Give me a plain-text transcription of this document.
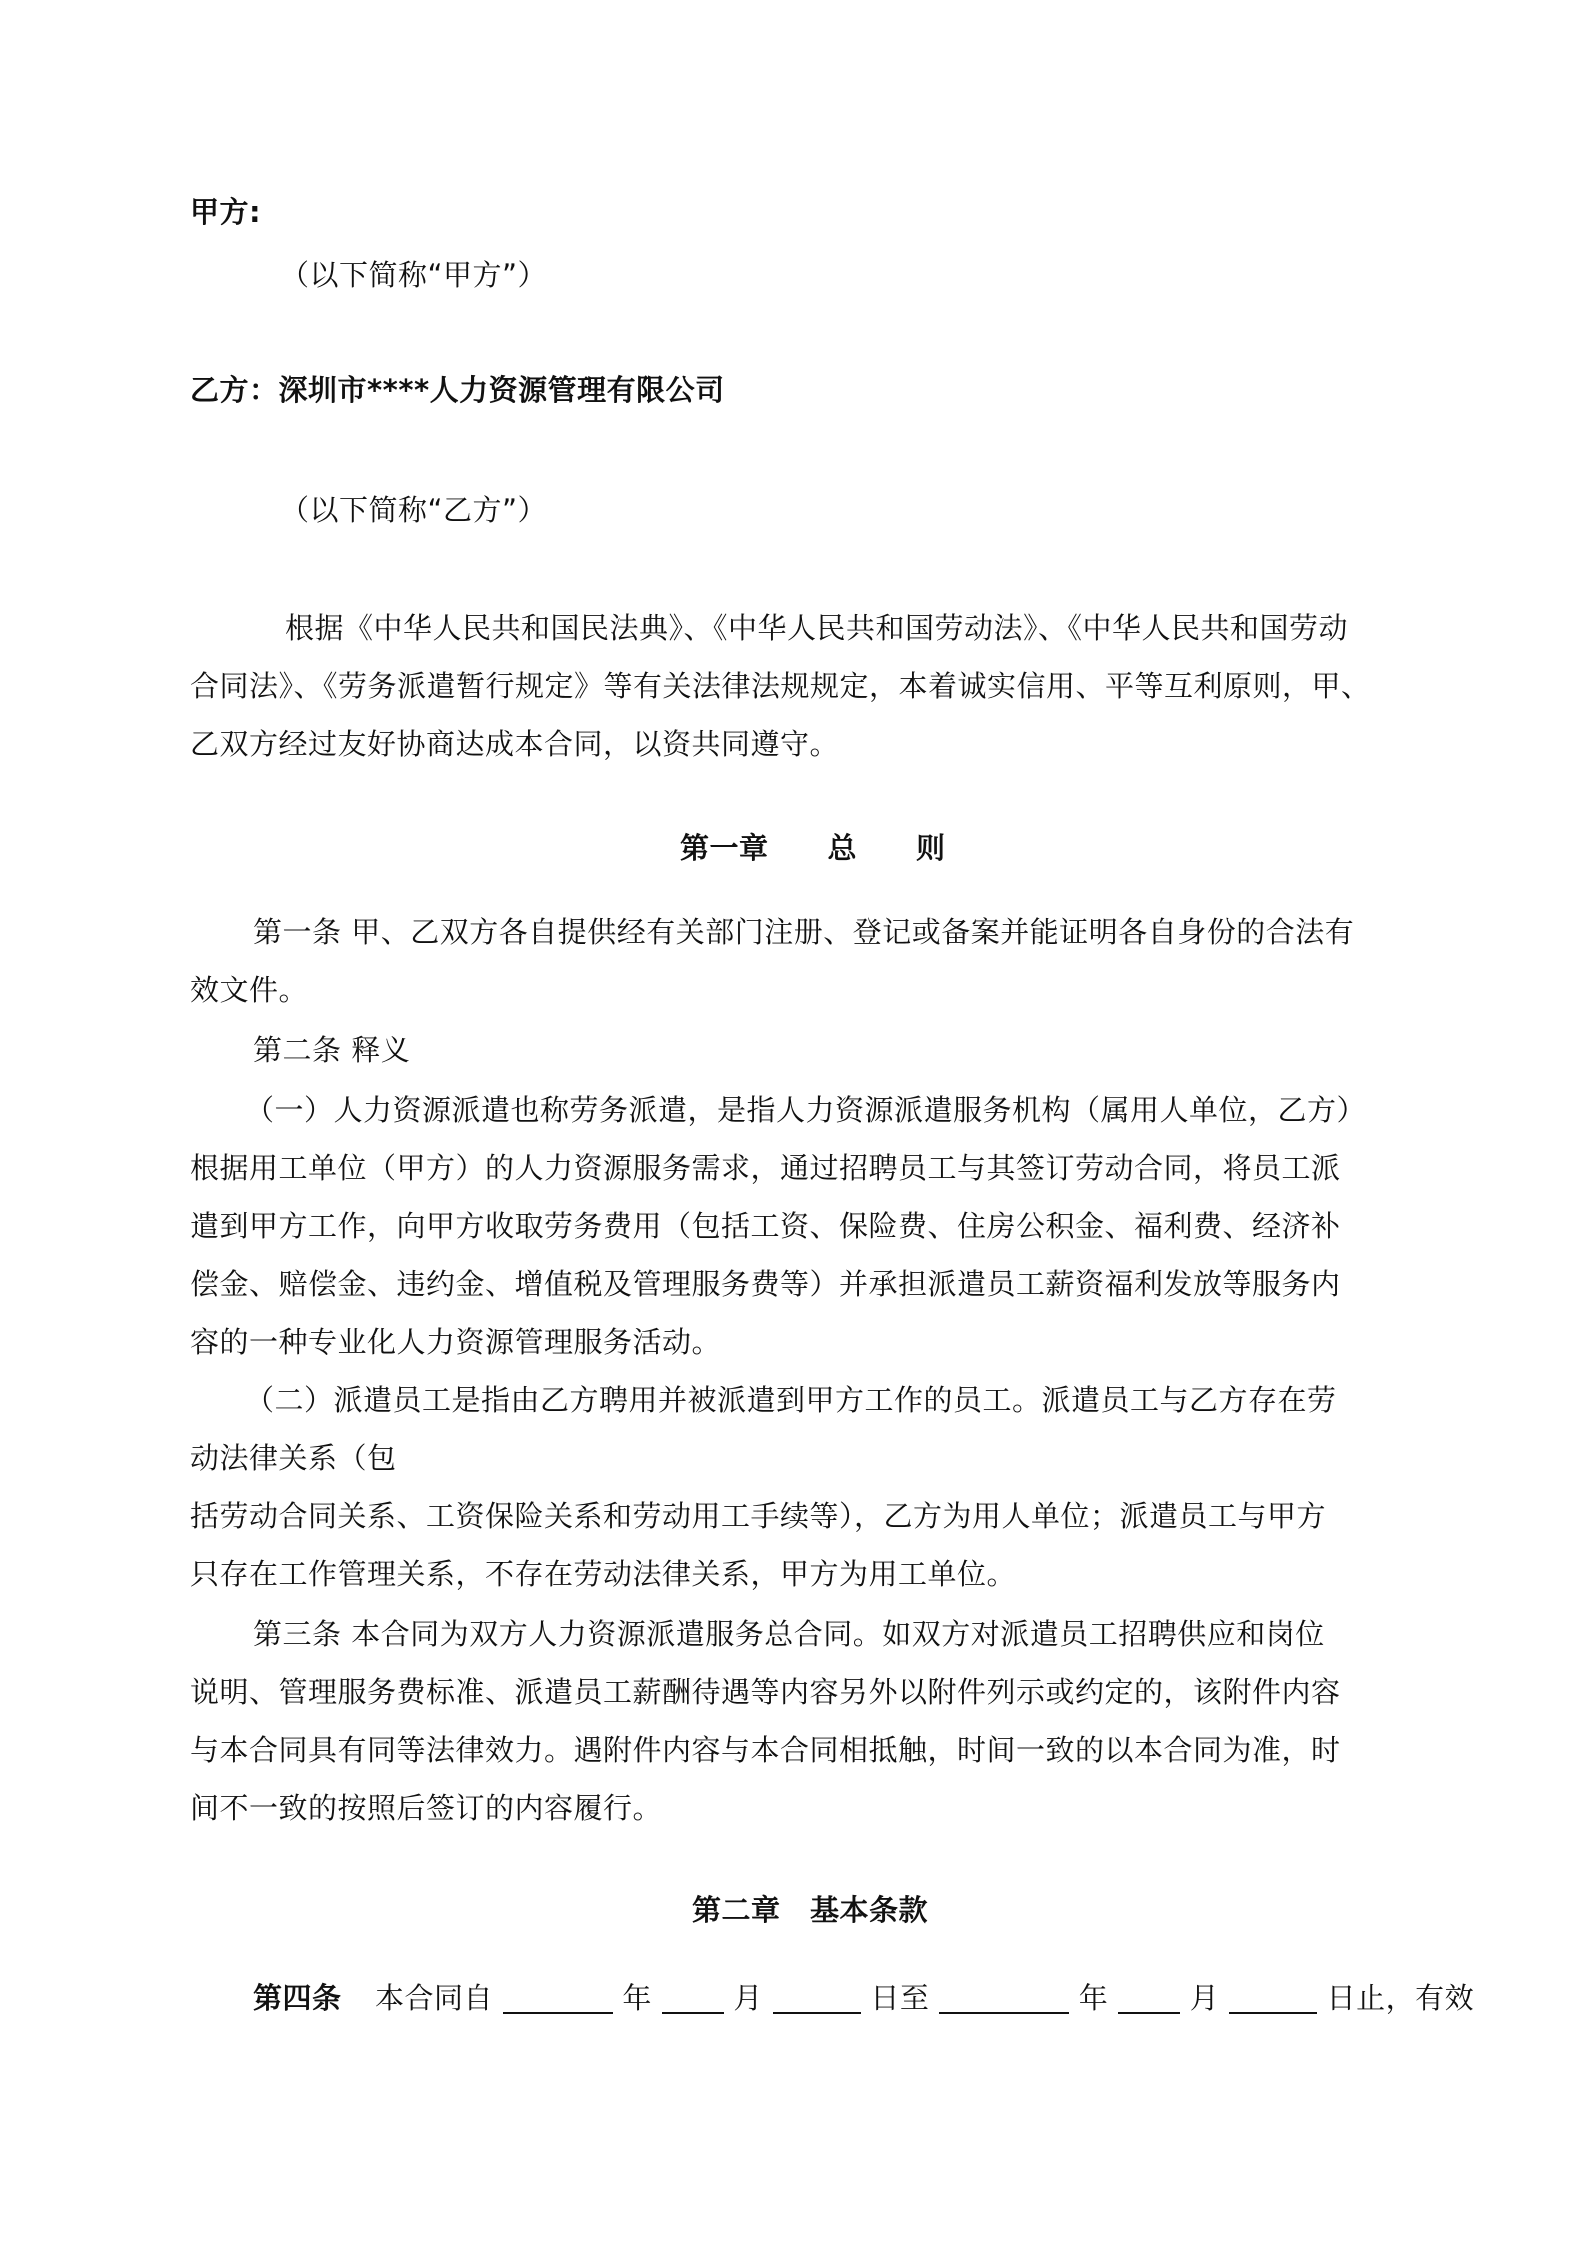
甲方:
（以下简称“甲方”）
乙方：深圳市****人力资源管理有限公司
（以下简称“乙方”）
根据《中华人民共和国民法典》、《中华人民共和国劳动法》、《中华人民共和国劳动
合同法》、《劳务派遣暂行规定》等有关法律法规规定，本着诚实信用、平等互利原则，甲、
乙双方经过友好协商达成本合同，以资共同遵守。
第一章　　总　　则
第一条 甲、乙双方各自提供经有关部门注册、登记或备案并能证明各自身份的合法有
效文件。
第二条 释义
（一）人力资源派遣也称劳务派遣，是指人力资源派遣服务机构（属用人单位，乙方）
根据用工单位（甲方）的人力资源服务需求，通过招聘员工与其签订劳动合同，将员工派
遣到甲方工作，向甲方收取劳务费用（包括工资、保险费、住房公积金、福利费、经济补
偿金、赔偿金、违约金、增值税及管理服务费等）并承担派遣员工薪资福利发放等服务内
容的一种专业化人力资源管理服务活动。
（二）派遣员工是指由乙方聘用并被派遣到甲方工作的员工。派遣员工与乙方存在劳
动法律关系（包
括劳动合同关系、工资保险关系和劳动用工手续等），乙方为用人单位；派遣员工与甲方
只存在工作管理关系，不存在劳动法律关系，甲方为用工单位。
第三条 本合同为双方人力资源派遣服务总合同。如双方对派遣员工招聘供应和岗位
说明、管理服务费标准、派遣员工薪酬待遇等内容另外以附件列示或约定的，该附件内容
与本合同具有同等法律效力。遇附件内容与本合同相抵触，时间一致的以本合同为准，时
间不一致的按照后签订的内容履行。
第二章　基本条款
第四条 本合同自	年	月	日至	年	月	日止，有效
